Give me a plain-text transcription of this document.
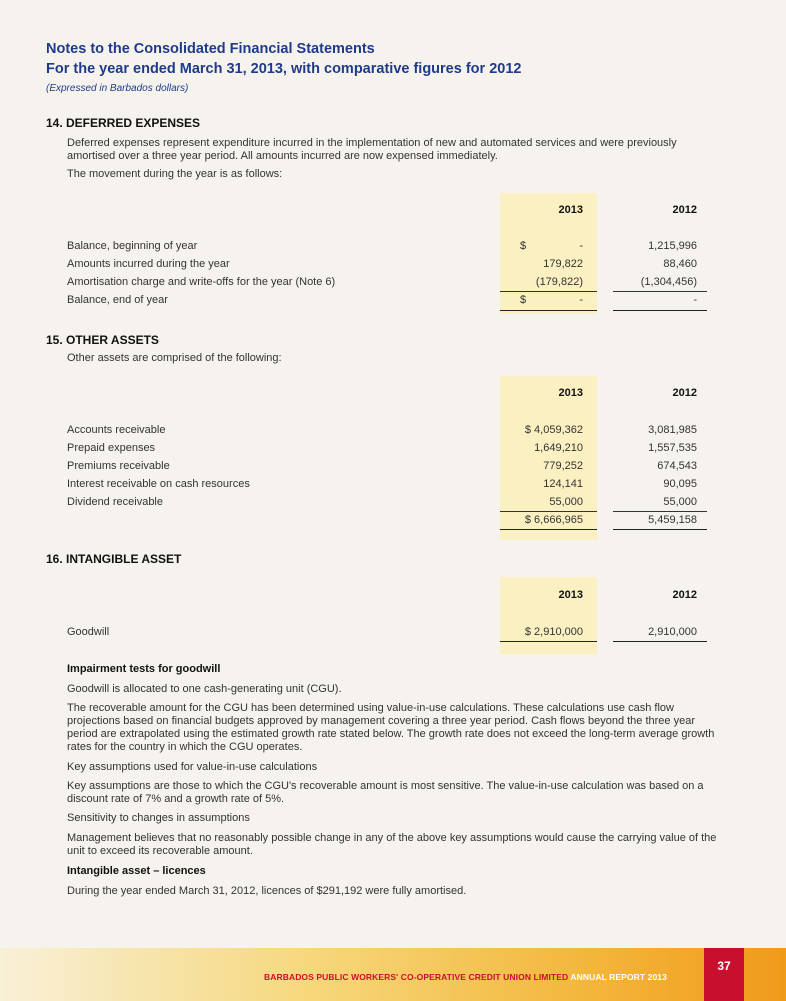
Notes to the Consolidated Financial Statements
For the year ended March 31, 2013, with comparative figures for 2012
(Expressed in Barbados dollars)
14. DEFERRED EXPENSES
Deferred expenses represent expenditure incurred in the implementation of new and automated services and were previously amortised over a three year period. All amounts incurred are now expensed immediately.
The movement during the year is as follows:
2013	2012
Balance, beginning of year	$	-	1,215,996
Amounts incurred during the year	179,822	88,460
Amortisation charge and write-offs for the year (Note 6)	(179,822)	(1,304,456)
Balance, end of year	$	-	-
15. OTHER ASSETS
Other assets are comprised of the following:
2013	2012
Accounts receivable	$ 4,059,362	3,081,985
Prepaid expenses	1,649,210	1,557,535
Premiums receivable	779,252	674,543
Interest receivable on cash resources	124,141	90,095
Dividend receivable	55,000	55,000
$ 6,666,965	5,459,158
16. INTANGIBLE ASSET
2013	2012
Goodwill	$ 2,910,000	2,910,000
Impairment tests for goodwill
Goodwill is allocated to one cash-generating unit (CGU).
The recoverable amount for the CGU has been determined using value-in-use calculations. These calculations use cash flow projections based on financial budgets approved by management covering a three year period. Cash flows beyond the three year period are extrapolated using the estimated growth rate stated below. The growth rate does not exceed the long-term average growth rates for the country in which the CGU operates.
Key assumptions used for value-in-use calculations
Key assumptions are those to which the CGU's recoverable amount is most sensitive. The value-in-use calculation was based on a discount rate of 7% and a growth rate of 5%.
Sensitivity to changes in assumptions
Management believes that no reasonably possible change in any of the above key assumptions would cause the carrying value of the unit to exceed its recoverable amount.
Intangible asset – licences
During the year ended March 31, 2012, licences of $291,192 were fully amortised.
BARBADOS PUBLIC WORKERS' CO-OPERATIVE CREDIT UNION LIMITED ANNUAL REPORT 2013
37
